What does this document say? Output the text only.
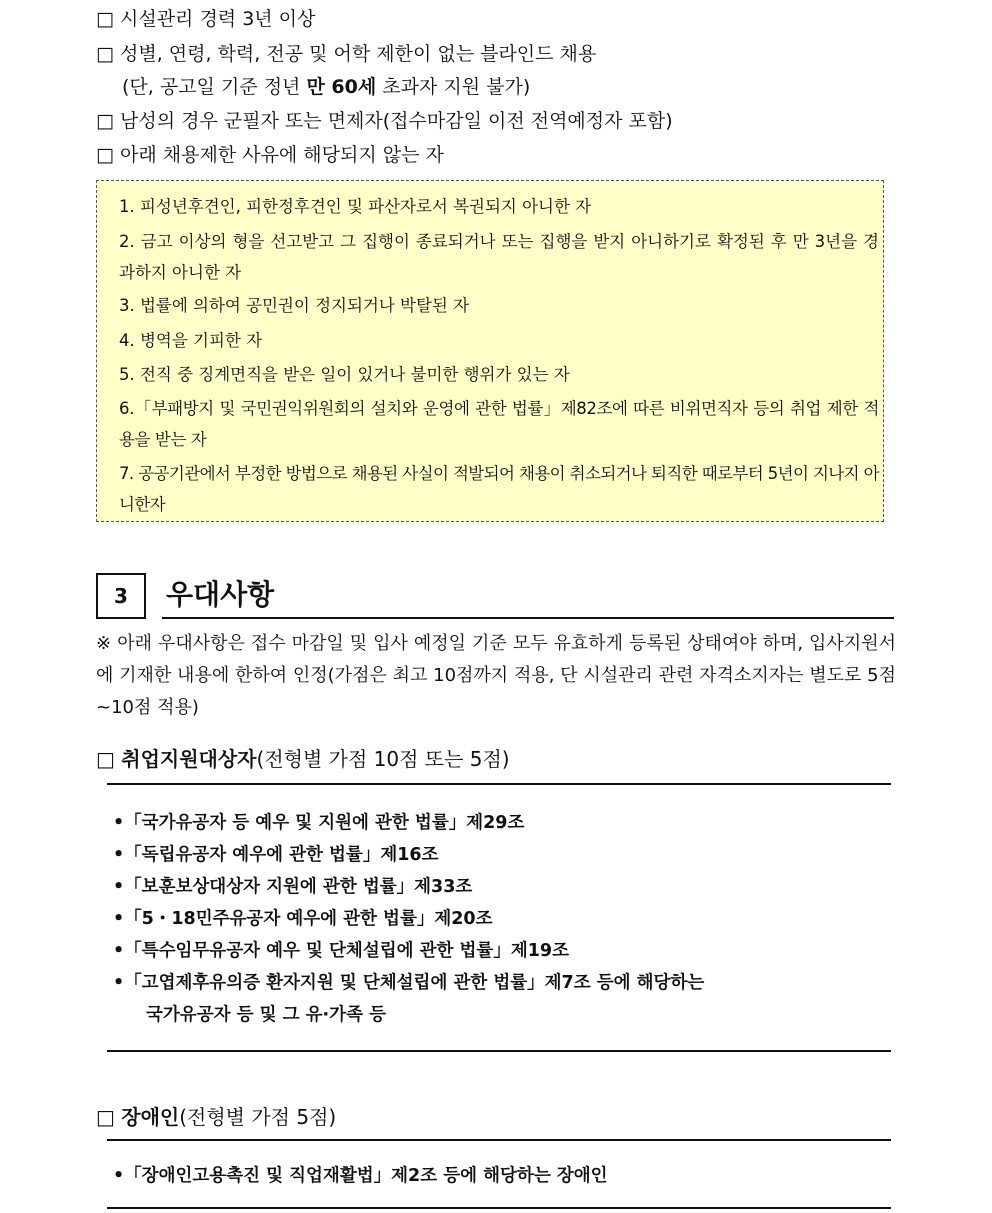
□ 시설관리 경력 3년 이상
□ 성별, 연령, 학력, 전공 및 어학 제한이 없는 블라인드 채용
(단, 공고일 기준 정년 만 60세 초과자 지원 불가)
□ 남성의 경우 군필자 또는 면제자(접수마감일 이전 전역예정자 포함)
□ 아래 채용제한 사유에 해당되지 않는 자
1. 피성년후견인, 피한정후견인 및 파산자로서 복권되지 아니한 자
2. 금고 이상의 형을 선고받고 그 집행이 종료되거나 또는 집행을 받지 아니하기로 확정된 후 만 3년을 경과하지 아니한 자
3. 법률에 의하여 공민권이 정지되거나 박탈된 자
4. 병역을 기피한 자
5. 전직 중 징계면직을 받은 일이 있거나 불미한 행위가 있는 자
6.「부패방지 및 국민권익위원회의 설치와 운영에 관한 법률」제82조에 따른 비위면직자 등의 취업 제한 적용을 받는 자
7. 공공기관에서 부정한 방법으로 채용된 사실이 적발되어 채용이 취소되거나 퇴직한 때로부터 5년이 지나지 아니한자
3	우대사항
※ 아래 우대사항은 접수 마감일 및 입사 예정일 기준 모두 유효하게 등록된 상태여야 하며, 입사지원서에 기재한 내용에 한하여 인정(가점은 최고 10점까지 적용, 단 시설관리 관련 자격소지자는 별도로 5점~10점 적용)
□ 취업지원대상자(전형별 가점 10점 또는 5점)
•「국가유공자 등 예우 및 지원에 관한 법률」제29조
•「독립유공자 예우에 관한 법률」제16조
•「보훈보상대상자 지원에 관한 법률」제33조
•「5・18민주유공자 예우에 관한 법률」제20조
•「특수임무유공자 예우 및 단체설립에 관한 법률」제19조
•「고엽제후유의증 환자지원 및 단체설립에 관한 법률」제7조 등에 해당하는
국가유공자 등 및 그 유·가족 등
□ 장애인(전형별 가점 5점)
•「장애인고용촉진 및 직업재활법」제2조 등에 해당하는 장애인
